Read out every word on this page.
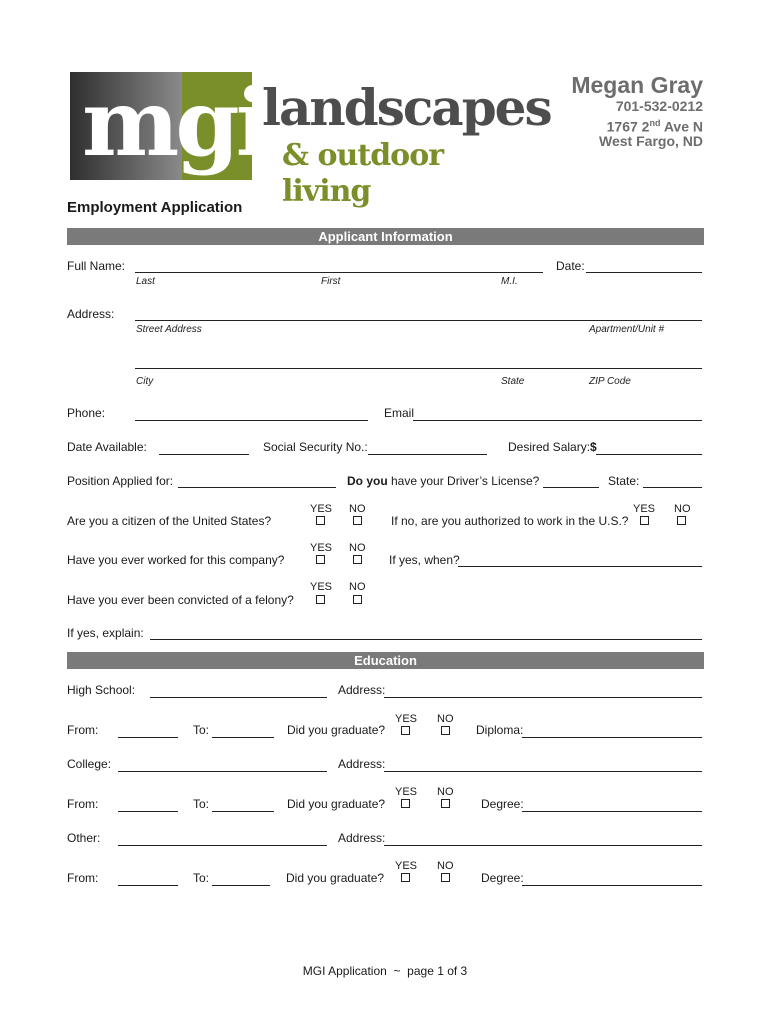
mgi
landscapes
& outdoor living
Megan Gray
701-532-0212
1767 2nd Ave N
West Fargo, ND
Employment Application
Applicant Information
Full Name:	Date:
Last	First	M.I.
Address:
Street Address	Apartment/Unit #
City	State	ZIP Code
Phone:	Email
Date Available:	Social Security No.:	Desired Salary:$
Position Applied for:	Do you have your Driver’s License?	State:
YES NO
Are you a citizen of the United States?
YES NO
If no, are you authorized to work in the U.S.?
YES NO
Have you ever worked for this company?	If yes, when?
YES NO
Have you ever been convicted of a felony?
If yes, explain:
Education
High School:	Address:
YES NO
From:	To:	Did you graduate?	Diploma:
College:	Address:
YES NO
From:	To:	Did you graduate?	Degree:
Other:	Address:
YES NO
From:	To:	Did you graduate?	Degree:
MGI Application  ~  page 1 of 3
